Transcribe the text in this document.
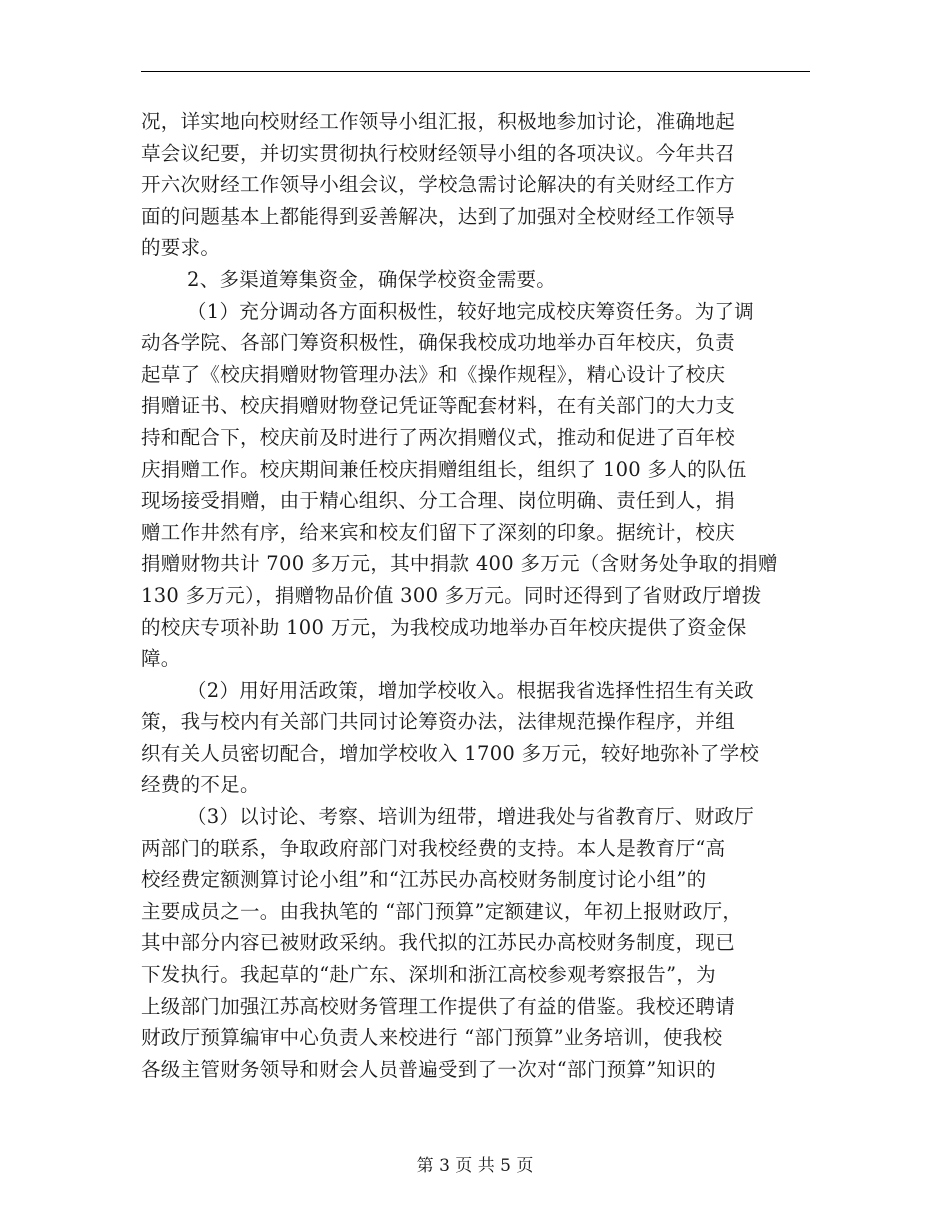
况，详实地向校财经工作领导小组汇报，积极地参加讨论，准确地起
草会议纪要，并切实贯彻执行校财经领导小组的各项决议。今年共召
开六次财经工作领导小组会议，学校急需讨论解决的有关财经工作方
面的问题基本上都能得到妥善解决，达到了加强对全校财经工作领导
的要求。
2、多渠道筹集资金，确保学校资金需要。
（1）充分调动各方面积极性，较好地完成校庆筹资任务。为了调
动各学院、各部门筹资积极性，确保我校成功地举办百年校庆，负责
起草了《校庆捐赠财物管理办法》和《操作规程》，精心设计了校庆
捐赠证书、校庆捐赠财物登记凭证等配套材料，在有关部门的大力支
持和配合下，校庆前及时进行了两次捐赠仪式，推动和促进了百年校
庆捐赠工作。校庆期间兼任校庆捐赠组组长，组织了 100 多人的队伍
现场接受捐赠，由于精心组织、分工合理、岗位明确、责任到人，捐
赠工作井然有序，给来宾和校友们留下了深刻的印象。据统计，校庆
捐赠财物共计 700 多万元，其中捐款 400 多万元（含财务处争取的捐赠
130 多万元），捐赠物品价值 300 多万元。同时还得到了省财政厅增拨
的校庆专项补助 100 万元，为我校成功地举办百年校庆提供了资金保
障。
（2）用好用活政策，增加学校收入。根据我省选择性招生有关政
策，我与校内有关部门共同讨论筹资办法，法律规范操作程序，并组
织有关人员密切配合，增加学校收入 1700 多万元，较好地弥补了学校
经费的不足。
（3）以讨论、考察、培训为纽带，增进我处与省教育厅、财政厅
两部门的联系，争取政府部门对我校经费的支持。本人是教育厅“高
校经费定额测算讨论小组”和“江苏民办高校财务制度讨论小组”的
主要成员之一。由我执笔的 “部门预算”定额建议，年初上报财政厅，
其中部分内容已被财政采纳。我代拟的江苏民办高校财务制度，现已
下发执行。我起草的“赴广东、深圳和浙江高校参观考察报告”，为
上级部门加强江苏高校财务管理工作提供了有益的借鉴。我校还聘请
财政厅预算编审中心负责人来校进行 “部门预算”业务培训，使我校
各级主管财务领导和财会人员普遍受到了一次对“部门预算”知识的
第 3 页 共 5 页
